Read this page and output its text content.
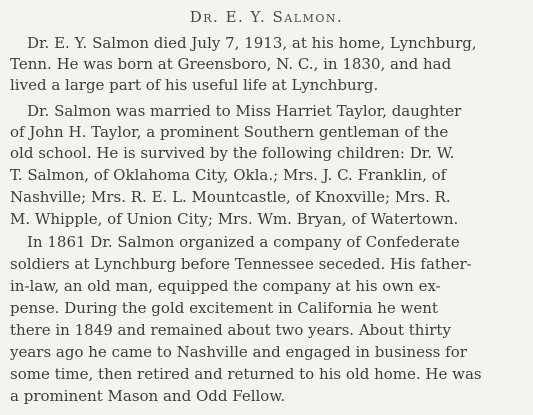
Dr. E. Y. Salmon.
Dr. E. Y. Salmon died July 7, 1913, at his home, Lynchburg,
Tenn. He was born at Greensboro, N. C., in 1830, and had
lived a large part of his useful life at Lynchburg.
Dr. Salmon was married to Miss Harriet Taylor, daughter
of John H. Taylor, a prominent Southern gentleman of the
old school. He is survived by the following children: Dr. W.
T. Salmon, of Oklahoma City, Okla.; Mrs. J. C. Franklin, of
Nashville; Mrs. R. E. L. Mountcastle, of Knoxville; Mrs. R.
M. Whipple, of Union City; Mrs. Wm. Bryan, of Watertown.
In 1861 Dr. Salmon organized a company of Confederate
soldiers at Lynchburg before Tennessee seceded. His father-
in-law, an old man, equipped the company at his own ex-
pense. During the gold excitement in California he went
there in 1849 and remained about two years. About thirty
years ago he came to Nashville and engaged in business for
some time, then retired and returned to his old home. He was
a prominent Mason and Odd Fellow.
